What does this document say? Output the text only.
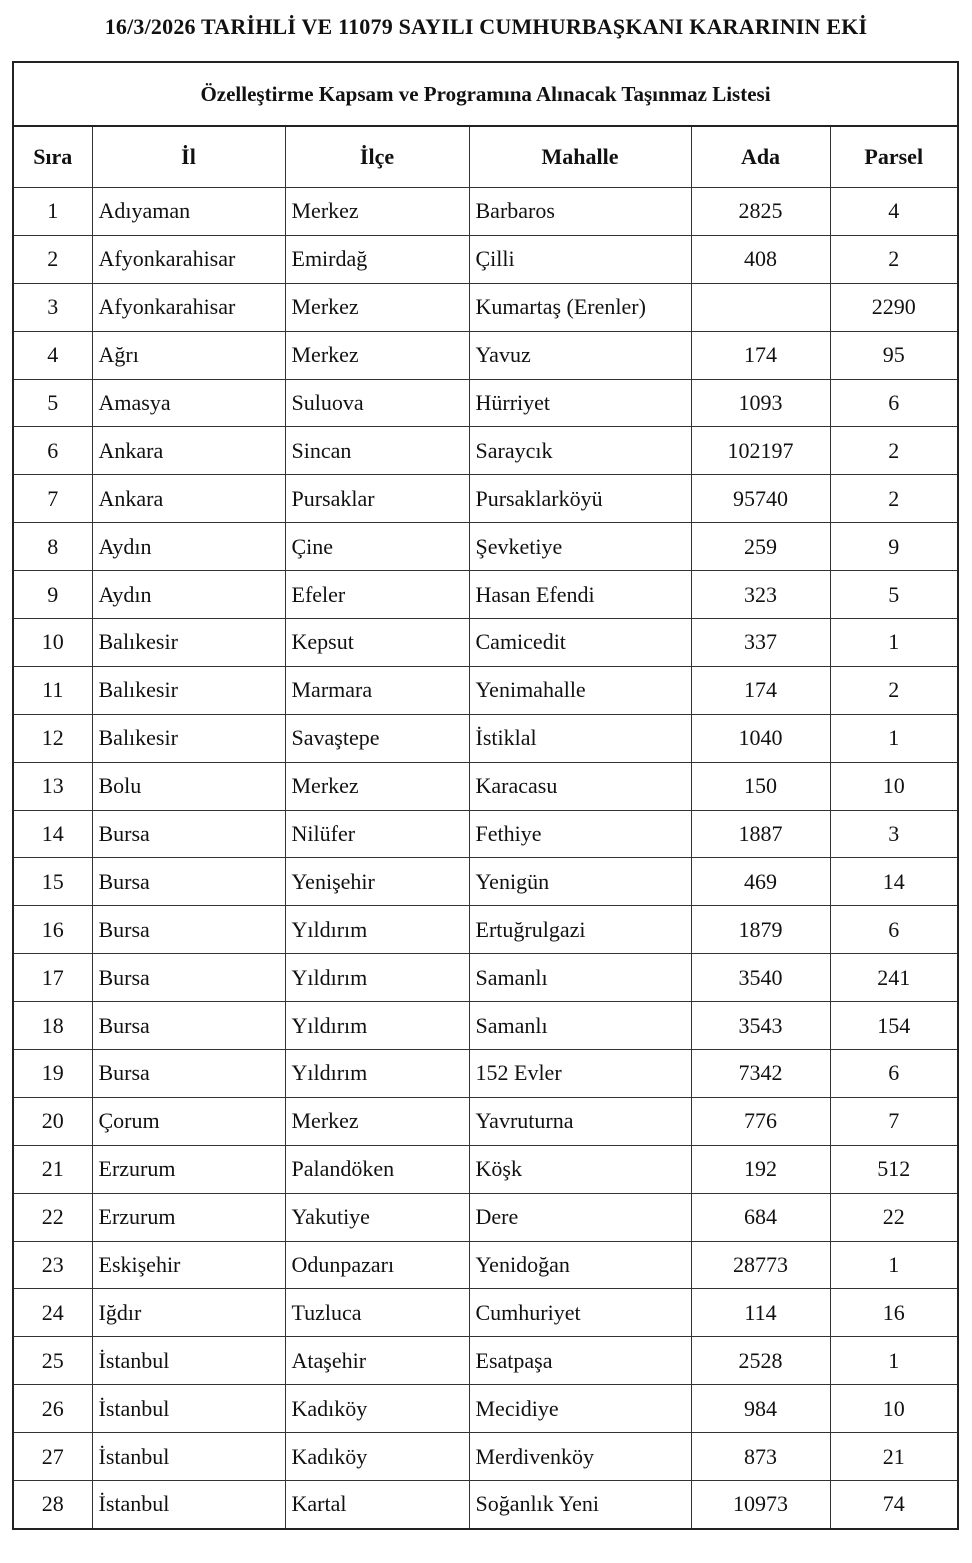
16/3/2026 TARİHLİ VE 11079 SAYILI CUMHURBAŞKANI KARARININ EKİ
Özelleştirme Kapsam ve Programına Alınacak Taşınmaz Listesi
Sıra	İl	İlçe	Mahalle	Ada	Parsel
1	Adıyaman	Merkez	Barbaros	2825	4
2	Afyonkarahisar	Emirdağ	Çilli	408	2
3	Afyonkarahisar	Merkez	Kumartaş (Erenler)		2290
4	Ağrı	Merkez	Yavuz	174	95
5	Amasya	Suluova	Hürriyet	1093	6
6	Ankara	Sincan	Saraycık	102197	2
7	Ankara	Pursaklar	Pursaklarköyü	95740	2
8	Aydın	Çine	Şevketiye	259	9
9	Aydın	Efeler	Hasan Efendi	323	5
10	Balıkesir	Kepsut	Camicedit	337	1
11	Balıkesir	Marmara	Yenimahalle	174	2
12	Balıkesir	Savaştepe	İstiklal	1040	1
13	Bolu	Merkez	Karacasu	150	10
14	Bursa	Nilüfer	Fethiye	1887	3
15	Bursa	Yenişehir	Yenigün	469	14
16	Bursa	Yıldırım	Ertuğrulgazi	1879	6
17	Bursa	Yıldırım	Samanlı	3540	241
18	Bursa	Yıldırım	Samanlı	3543	154
19	Bursa	Yıldırım	152 Evler	7342	6
20	Çorum	Merkez	Yavruturna	776	7
21	Erzurum	Palandöken	Köşk	192	512
22	Erzurum	Yakutiye	Dere	684	22
23	Eskişehir	Odunpazarı	Yenidoğan	28773	1
24	Iğdır	Tuzluca	Cumhuriyet	114	16
25	İstanbul	Ataşehir	Esatpaşa	2528	1
26	İstanbul	Kadıköy	Mecidiye	984	10
27	İstanbul	Kadıköy	Merdivenköy	873	21
28	İstanbul	Kartal	Soğanlık Yeni	10973	74
